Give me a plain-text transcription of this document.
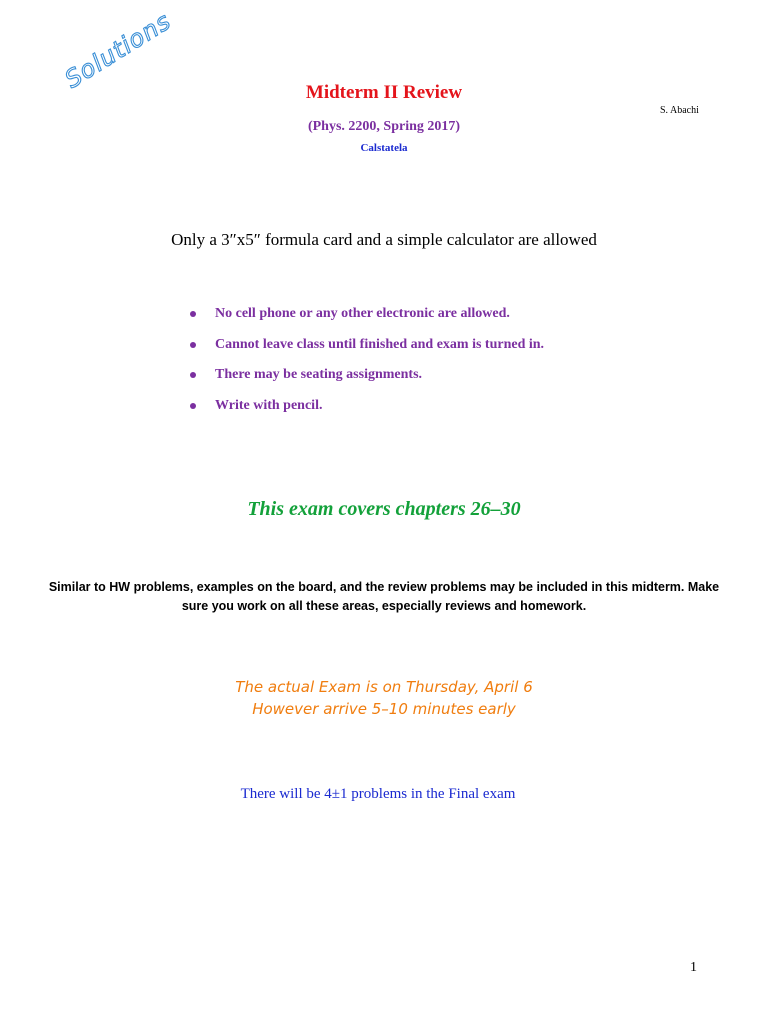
Solutions	Midterm II Review
S. Abachi
(Phys. 2200, Spring 2017)
Calstatela
Only a 3″x5″ formula card and a simple calculator are allowed
No cell phone or any other electronic are allowed.
Cannot leave class until finished and exam is turned in.
There may be seating assignments.
Write with pencil.
This exam covers chapters 26–30
Similar to HW problems, examples on the board, and the review problems may be included in this midterm. Make sure you work on all these areas, especially reviews and homework.
The actual Exam is on Thursday, April 6
However arrive 5–10 minutes early
There will be 4±1 problems in the Final exam
1
